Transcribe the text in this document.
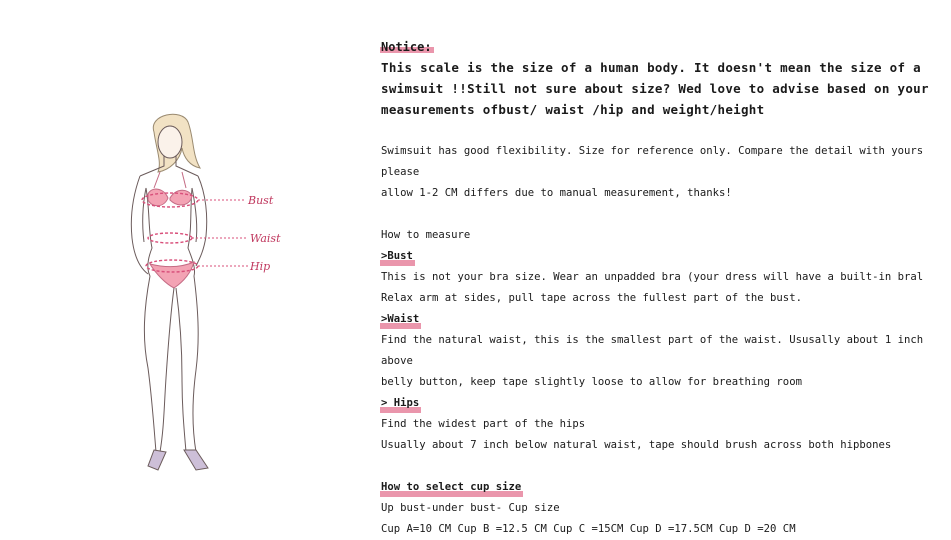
Bust
Waist
Hip

Notice:

This scale is the size of a human body. It doesn't mean the size of a

swimsuit !!Still not sure about size? Wed love to advise based on your

measurements ofbust/ waist /hip and weight/height

Swimsuit has good flexibility. Size for reference only. Compare the detail with yours please

allow 1-2 CM differs due to manual measurement, thanks!

How to measure

>Bust

This is not your bra size. Wear an unpadded bra (your dress will have a built-in bral

Relax arm at sides, pull tape across the fullest part of the bust.

>Waist

Find the natural waist, this is the smallest part of the waist. Ususally about 1 inch above

belly button, keep tape slightly loose to allow for breathing room

> Hips

Find the widest part of the hips

Usually about 7 inch below natural waist, tape should brush across both hipbones

How to select cup size

Up bust-under bust- Cup size

Cup A=10 CM Cup B =12.5 CM Cup C =15CM Cup D =17.5CM Cup D =20 CM
